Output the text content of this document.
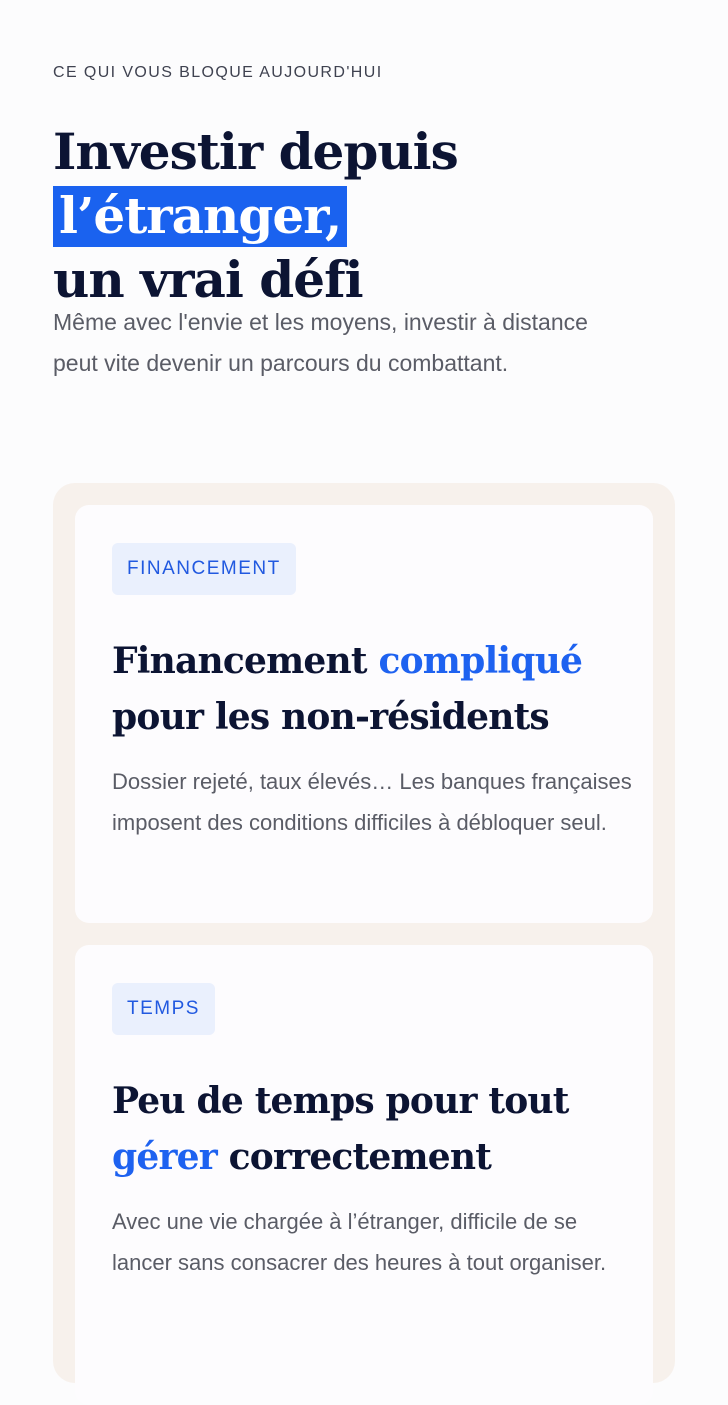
CE QUI VOUS BLOQUE AUJOURD'HUI
Investir depuis l’étranger,
un vrai défi

Même avec l'envie et les moyens, investir à distance peut vite devenir un parcours du combattant.

FINANCEMENT
Financement compliqué pour les non-résidents

Dossier rejeté, taux élevés… Les banques françaises imposent des conditions difficiles à débloquer seul.

TEMPS
Peu de temps pour tout gérer correctement

Avec une vie chargée à l’étranger, difficile de se lancer sans consacrer des heures à tout organiser.
